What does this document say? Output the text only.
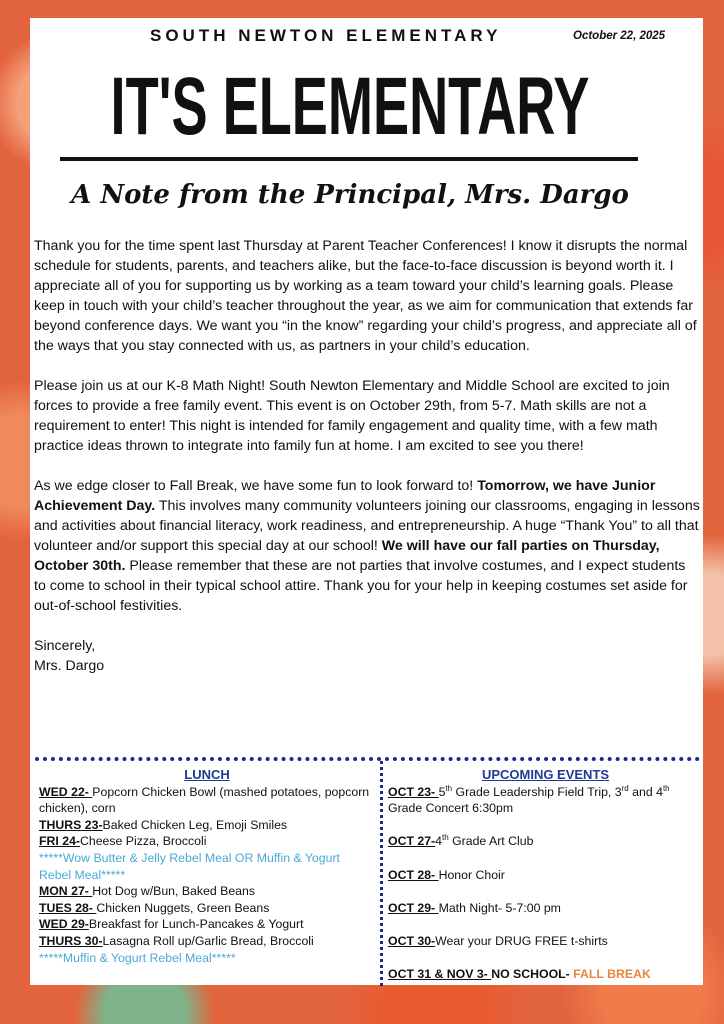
SOUTH NEWTON ELEMENTARY	October 22, 2025
IT'S ELEMENTARY
A Note from the Principal, Mrs. Dargo

Thank you for the time spent last Thursday at Parent Teacher Conferences! I know it disrupts the normal schedule for students, parents, and teachers alike, but the face-to-face discussion is beyond worth it. I appreciate all of you for supporting us by working as a team toward your child’s learning goals. Please keep in touch with your child’s teacher throughout the year, as we aim for communication that extends far beyond conference days. We want you “in the know” regarding your child’s progress, and appreciate all of the ways that you stay connected with us, as partners in your child’s education.

Please join us at our K-8 Math Night! South Newton Elementary and Middle School are excited to join forces to provide a free family event. This event is on October 29th, from 5-7. Math skills are not a requirement to enter! This night is intended for family engagement and quality time, with a few math practice ideas thrown to integrate into family fun at home. I am excited to see you there!

As we edge closer to Fall Break, we have some fun to look forward to! Tomorrow, we have Junior Achievement Day. This involves many community volunteers joining our classrooms, engaging in lessons and activities about financial literacy, work readiness, and entrepreneurship. A huge “Thank You” to all that volunteer and/or support this special day at our school! We will have our fall parties on Thursday, October 30th. Please remember that these are not parties that involve costumes, and I expect students to come to school in their typical school attire. Thank you for your help in keeping costumes set aside for out-of-school festivities.

Sincerely,
Mrs. Dargo
LUNCH
WED 22- Popcorn Chicken Bowl (mashed potatoes, popcorn chicken), corn
THURS 23-Baked Chicken Leg, Emoji Smiles
FRI 24-Cheese Pizza, Broccoli
*****Wow Butter & Jelly Rebel Meal OR Muffin & Yogurt Rebel Meal*****
MON 27- Hot Dog w/Bun, Baked Beans
TUES 28- Chicken Nuggets, Green Beans
WED 29-Breakfast for Lunch-Pancakes & Yogurt
THURS 30-Lasagna Roll up/Garlic Bread, Broccoli
*****Muffin & Yogurt Rebel Meal*****
UPCOMING EVENTS
OCT 23- 5th Grade Leadership Field Trip, 3rd and 4th Grade Concert 6:30pm
OCT 27-4th Grade Art Club
OCT 28- Honor Choir
OCT 29- Math Night- 5-7:00 pm
OCT 30-Wear your DRUG FREE t-shirts
OCT 31 & NOV 3- NO SCHOOL- FALL BREAK
